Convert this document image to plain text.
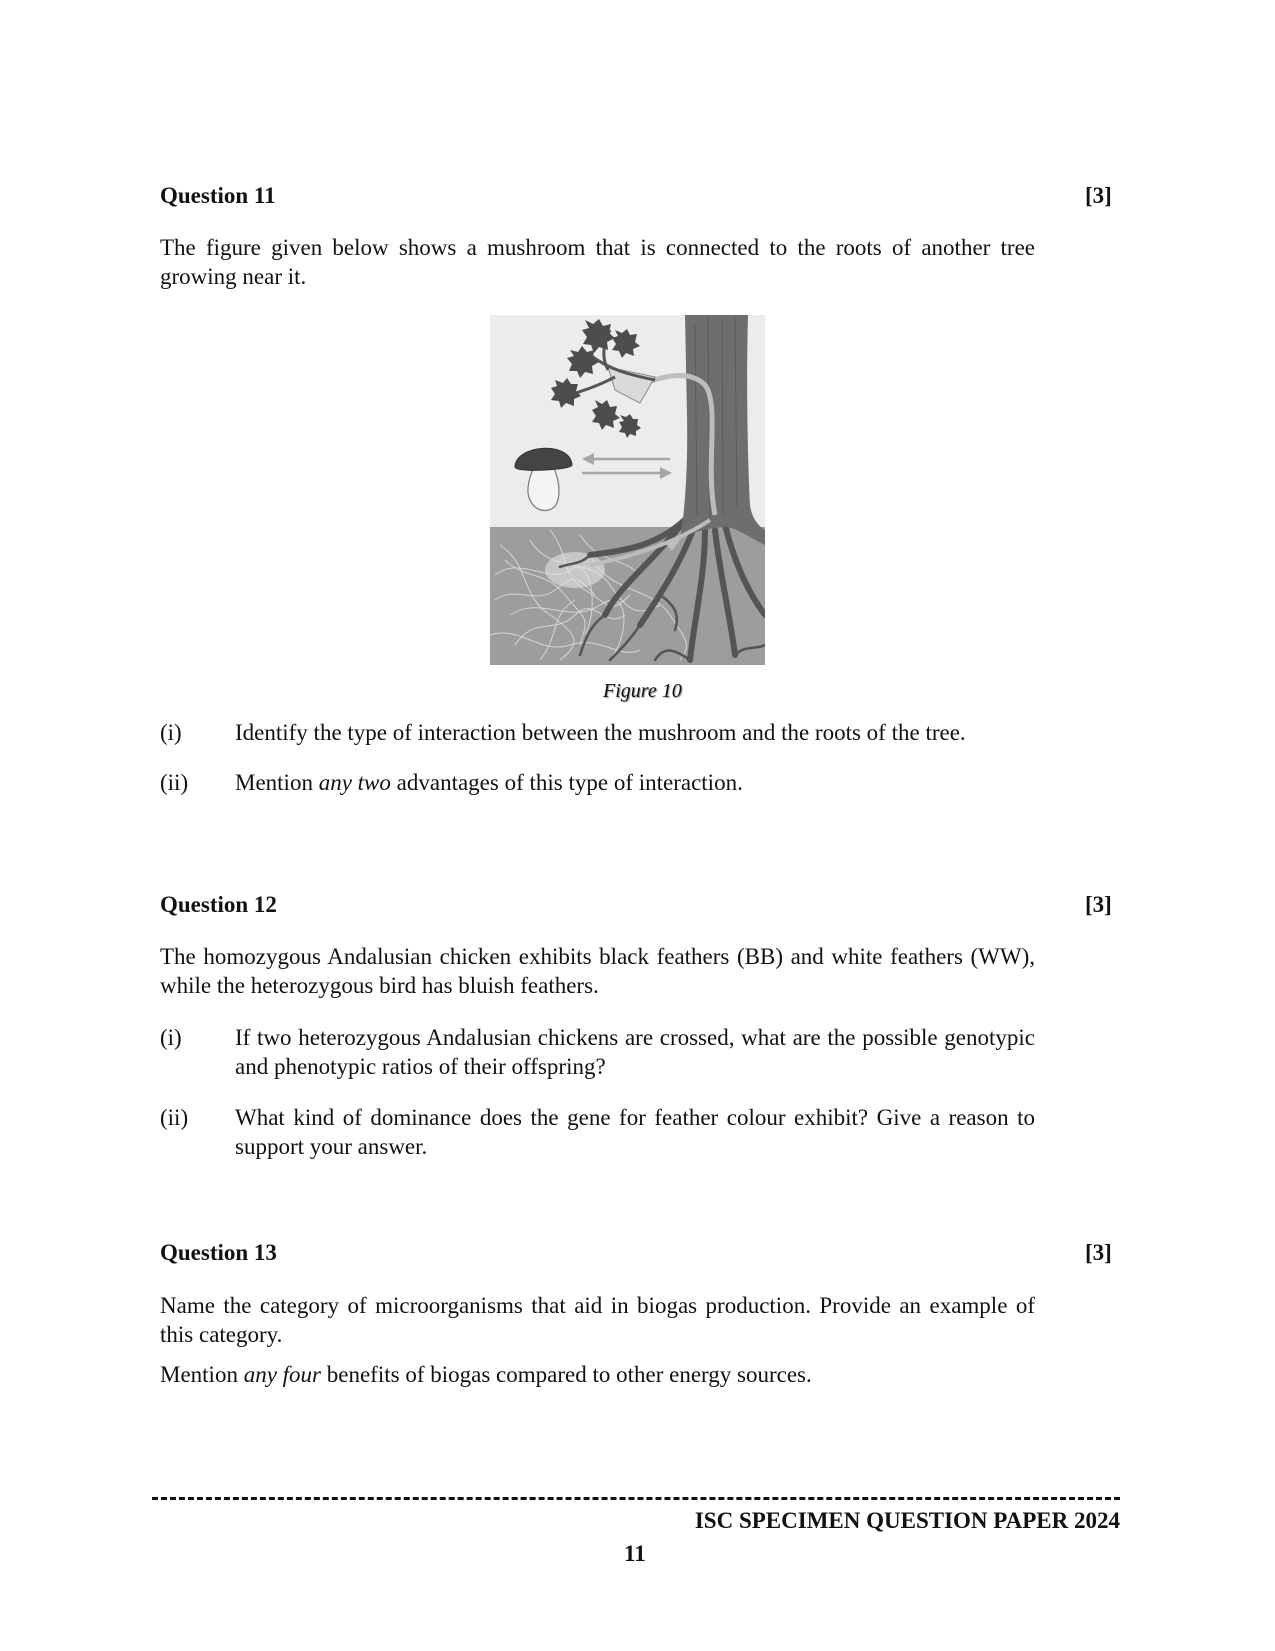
Question 11	[3]
The figure given below shows a mushroom that is connected to the roots of another tree growing near it.
Figure 10
(i) Identify the type of interaction between the mushroom and the roots of the tree.
(ii) Mention any two advantages of this type of interaction.
Question 12	[3]
The homozygous Andalusian chicken exhibits black feathers (BB) and white feathers (WW), while the heterozygous bird has bluish feathers.
(i) If two heterozygous Andalusian chickens are crossed, what are the possible genotypic and phenotypic ratios of their offspring?
(ii) What kind of dominance does the gene for feather colour exhibit? Give a reason to support your answer.
Question 13	[3]
Name the category of microorganisms that aid in biogas production. Provide an example of this category.
Mention any four benefits of biogas compared to other energy sources.
ISC SPECIMEN QUESTION PAPER 2024
11
